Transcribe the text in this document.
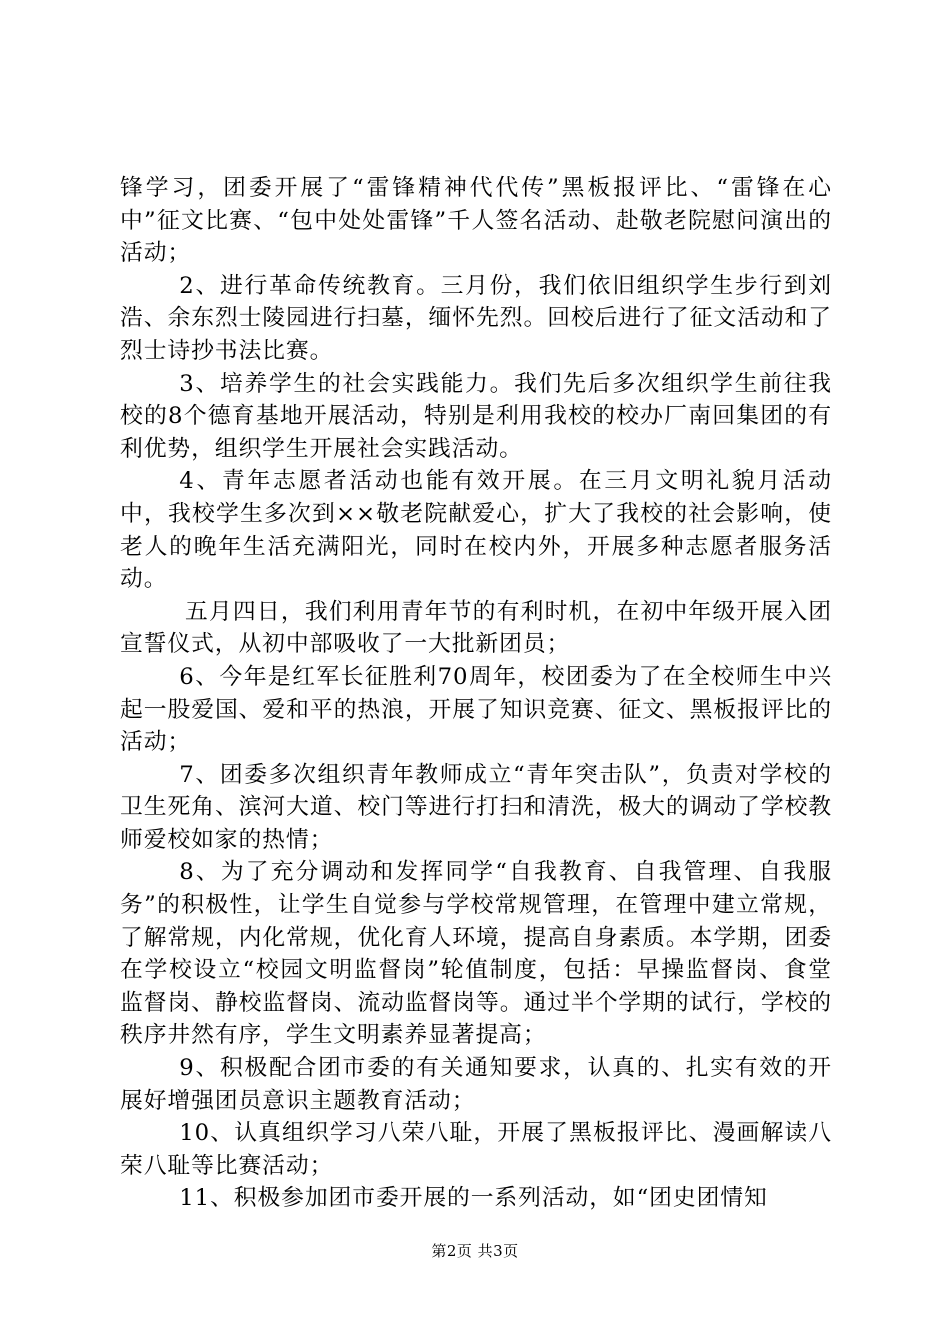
锋学习，团委开展了“雷锋精神代代传”黑板报评比、“雷锋在心中”征文比赛、“包中处处雷锋”千人签名活动、赴敬老院慰问演出的活动；

2、进行革命传统教育。三月份，我们依旧组织学生步行到刘浩、余东烈士陵园进行扫墓，缅怀先烈。回校后进行了征文活动和了烈士诗抄书法比赛。

3、培养学生的社会实践能力。我们先后多次组织学生前往我校的8个德育基地开展活动，特别是利用我校的校办厂南回集团的有利优势，组织学生开展社会实践活动。

4、青年志愿者活动也能有效开展。在三月文明礼貌月活动中，我校学生多次到××敬老院献爱心，扩大了我校的社会影响，使老人的晚年生活充满阳光，同时在校内外，开展多种志愿者服务活动。

五月四日，我们利用青年节的有利时机，在初中年级开展入团宣誓仪式，从初中部吸收了一大批新团员；

6、今年是红军长征胜利70周年，校团委为了在全校师生中兴起一股爱国、爱和平的热浪，开展了知识竞赛、征文、黑板报评比的活动；

7、团委多次组织青年教师成立“青年突击队”，负责对学校的卫生死角、滨河大道、校门等进行打扫和清洗，极大的调动了学校教师爱校如家的热情；

8、为了充分调动和发挥同学“自我教育、自我管理、自我服务”的积极性，让学生自觉参与学校常规管理，在管理中建立常规，了解常规，内化常规，优化育人环境，提高自身素质。本学期，团委在学校设立“校园文明监督岗”轮值制度，包括：早操监督岗、食堂监督岗、静校监督岗、流动监督岗等。通过半个学期的试行，学校的秩序井然有序，学生文明素养显著提高；

9、积极配合团市委的有关通知要求，认真的、扎实有效的开展好增强团员意识主题教育活动；

10、认真组织学习八荣八耻，开展了黑板报评比、漫画解读八荣八耻等比赛活动；

11、积极参加团市委开展的一系列活动，如“团史团情知

第2页 共3页
